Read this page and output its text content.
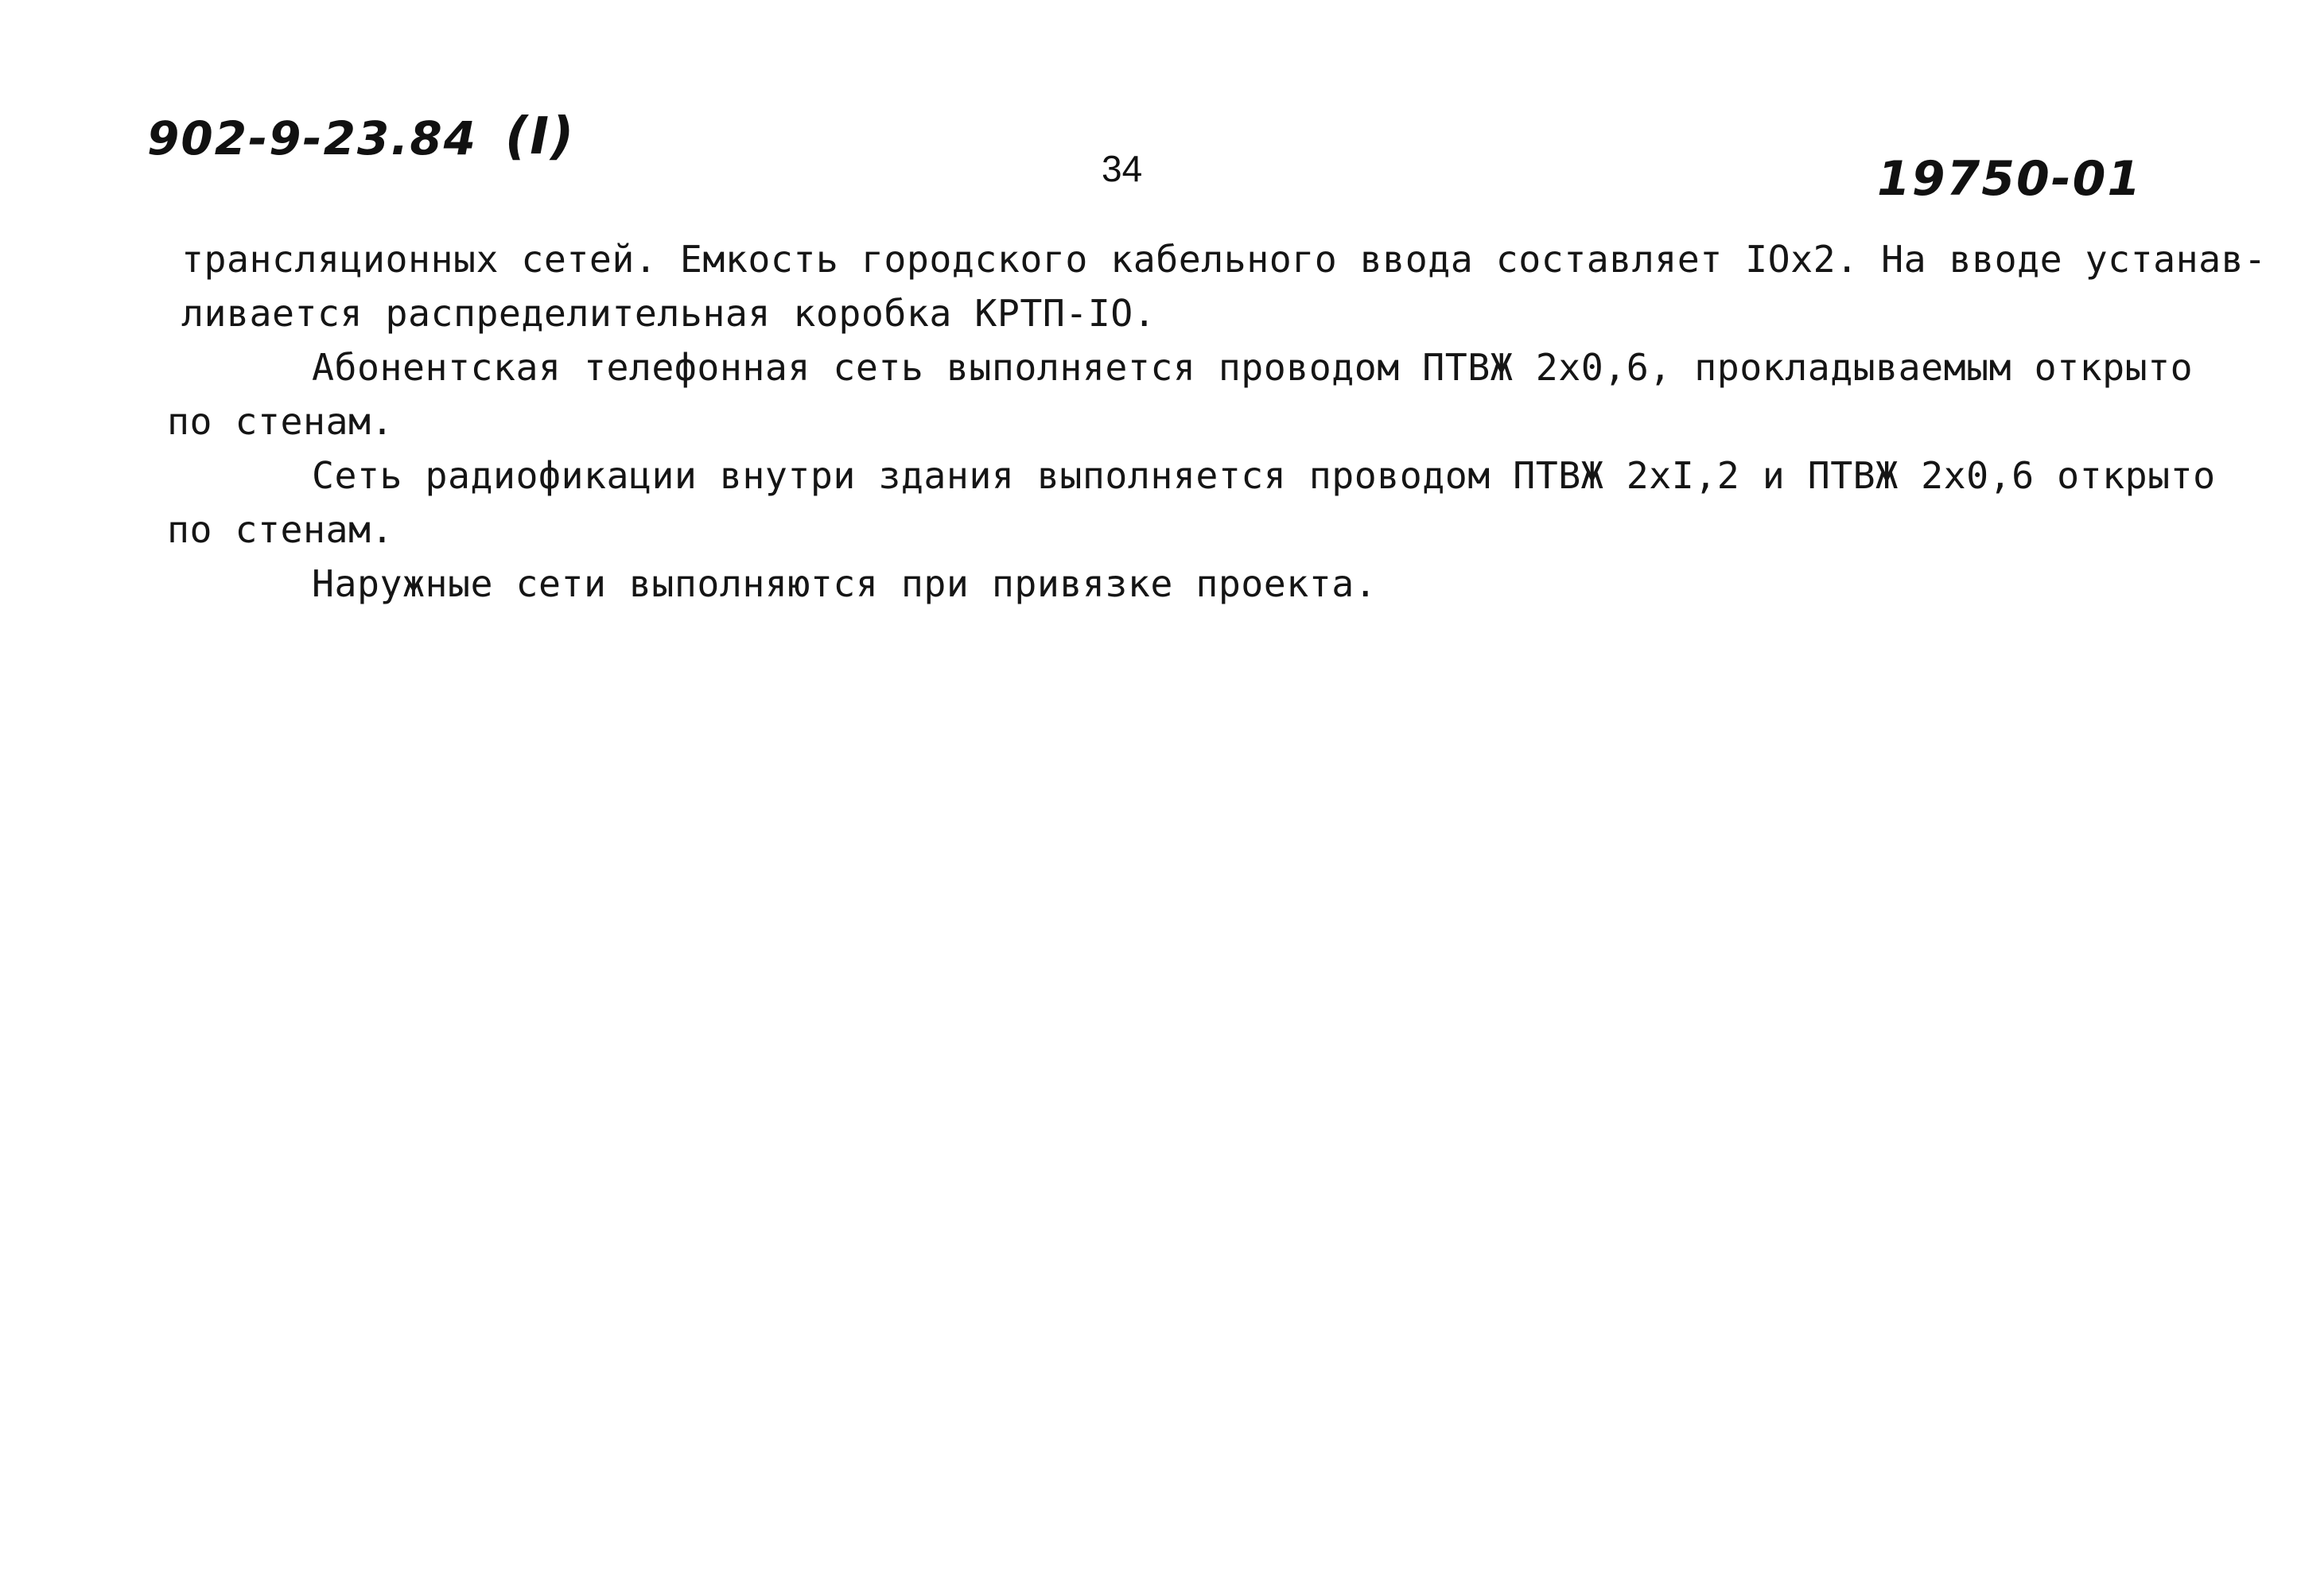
902-9-23.84 (I)
34	19750-01
трансляционных сетей. Емкость городского кабельного ввода составляет IOx2. На вводе устанав-
ливается распределительная коробка КРТП-IO.
Абонентская телефонная сеть выполняется проводом ПТВЖ 2х0,6, прокладываемым открыто
по стенам.
Сеть радиофикации внутри здания выполняется проводом ПТВЖ 2хI,2 и ПТВЖ 2х0,6 открыто
по стенам.
Наружные сети выполняются при привязке проекта.
